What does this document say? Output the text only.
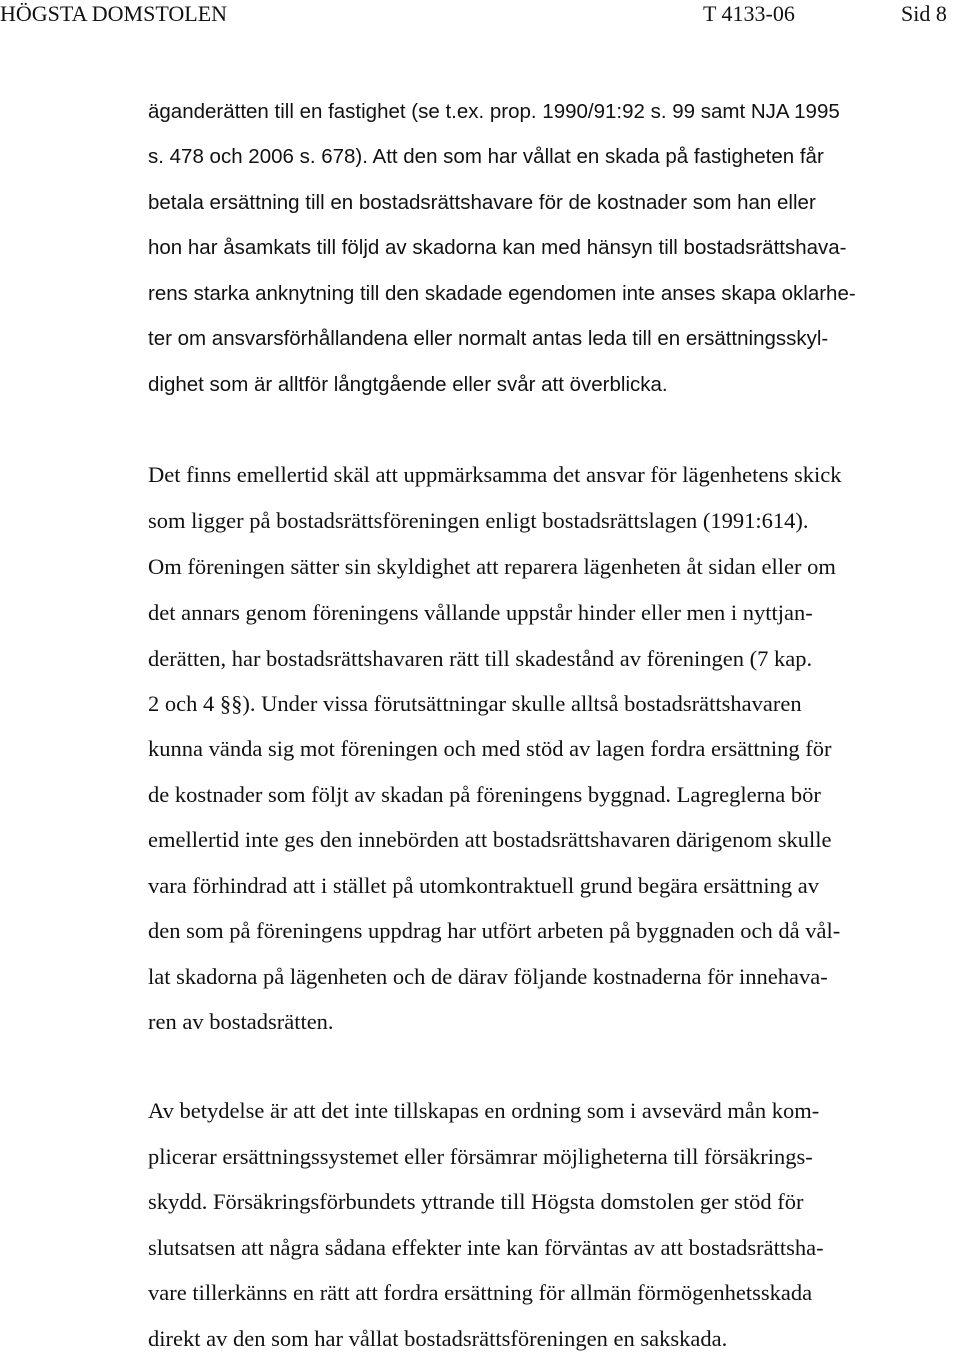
HÖGSTA DOMSTOLEN	T 4133-06	Sid 8
äganderätten till en fastighet (se t.ex. prop. 1990/91:92 s. 99 samt NJA 1995
s. 478 och 2006 s. 678). Att den som har vållat en skada på fastigheten får
betala ersättning till en bostadsrättshavare för de kostnader som han eller
hon har åsamkats till följd av skadorna kan med hänsyn till bostadsrättshava-
rens starka anknytning till den skadade egendomen inte anses skapa oklarhe-
ter om ansvarsförhållandena eller normalt antas leda till en ersättningsskyl-
dighet som är alltför långtgående eller svår att överblicka.
Det finns emellertid skäl att uppmärksamma det ansvar för lägenhetens skick
som ligger på bostadsrättsföreningen enligt bostadsrättslagen (1991:614).
Om föreningen sätter sin skyldighet att reparera lägenheten åt sidan eller om
det annars genom föreningens vållande uppstår hinder eller men i nyttjan-
derätten, har bostadsrättshavaren rätt till skadestånd av föreningen (7 kap.
2 och 4 §§). Under vissa förutsättningar skulle alltså bostadsrättshavaren
kunna vända sig mot föreningen och med stöd av lagen fordra ersättning för
de kostnader som följt av skadan på föreningens byggnad. Lagreglerna bör
emellertid inte ges den innebörden att bostadsrättshavaren därigenom skulle
vara förhindrad att i stället på utomkontraktuell grund begära ersättning av
den som på föreningens uppdrag har utfört arbeten på byggnaden och då vål-
lat skadorna på lägenheten och de därav följande kostnaderna för innehava-
ren av bostadsrätten.
Av betydelse är att det inte tillskapas en ordning som i avsevärd mån kom-
plicerar ersättningssystemet eller försämrar möjligheterna till försäkrings-
skydd. Försäkringsförbundets yttrande till Högsta domstolen ger stöd för
slutsatsen att några sådana effekter inte kan förväntas av att bostadsrättsha-
vare tillerkänns en rätt att fordra ersättning för allmän förmögenhetsskada
direkt av den som har vållat bostadsrättsföreningen en sakskada.
